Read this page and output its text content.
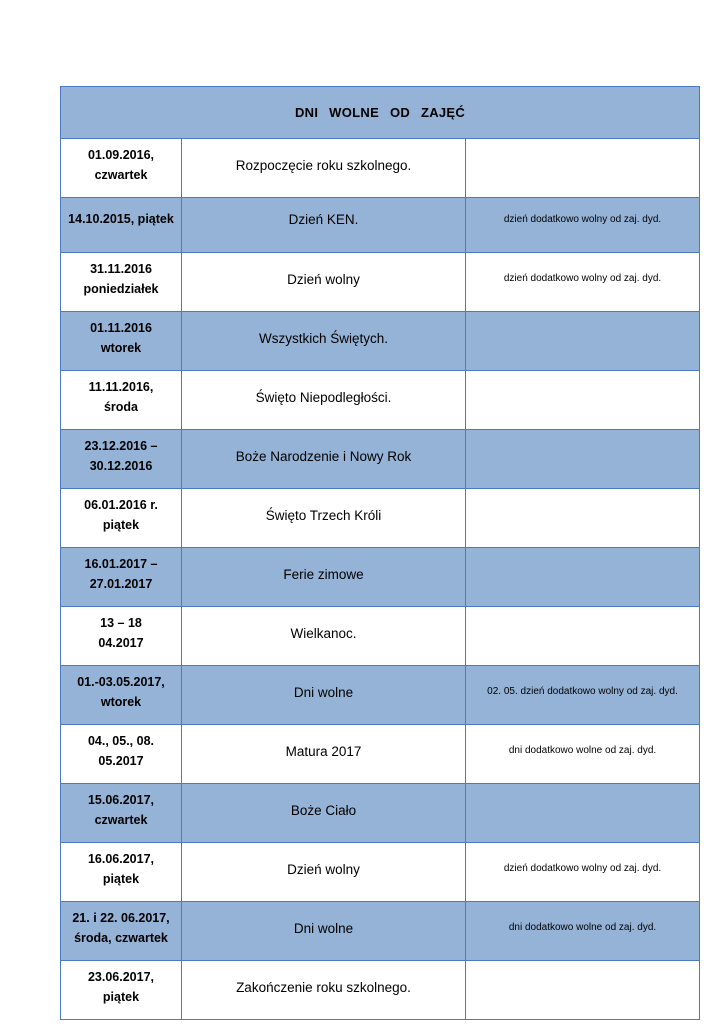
DNI WOLNE OD ZAJĘĆ		

01.09.2016,
czwartek	Rozpoczęcie roku szkolnego.	

14.10.2015, piątek	Dzień KEN.	dzień dodatkowo wolny od zaj. dyd.

31.11.2016
poniedziałek	Dzień wolny	dzień dodatkowo wolny od zaj. dyd.

01.11.2016
wtorek	Wszystkich Świętych.	

11.11.2016,
środa	Święto Niepodległości.	

23.12.2016 –
30.12.2016	Boże Narodzenie i Nowy Rok	

06.01.2016 r.
piątek	Święto Trzech Króli	

16.01.2017 –
27.01.2017	Ferie zimowe	

13 – 18
04.2017	Wielkanoc.	

01.-03.05.2017,
wtorek	Dni wolne	02. 05. dzień dodatkowo wolny od zaj. dyd.

04., 05., 08.
05.2017	Matura 2017	dni dodatkowo wolne od zaj. dyd.

15.06.2017,
czwartek	Boże Ciało	

16.06.2017,
piątek	Dzień wolny	dzień dodatkowo wolny od zaj. dyd.

21. i 22. 06.2017,
środa, czwartek	Dni wolne	dni dodatkowo wolne od zaj. dyd.

23.06.2017,
piątek	Zakończenie roku szkolnego.	
